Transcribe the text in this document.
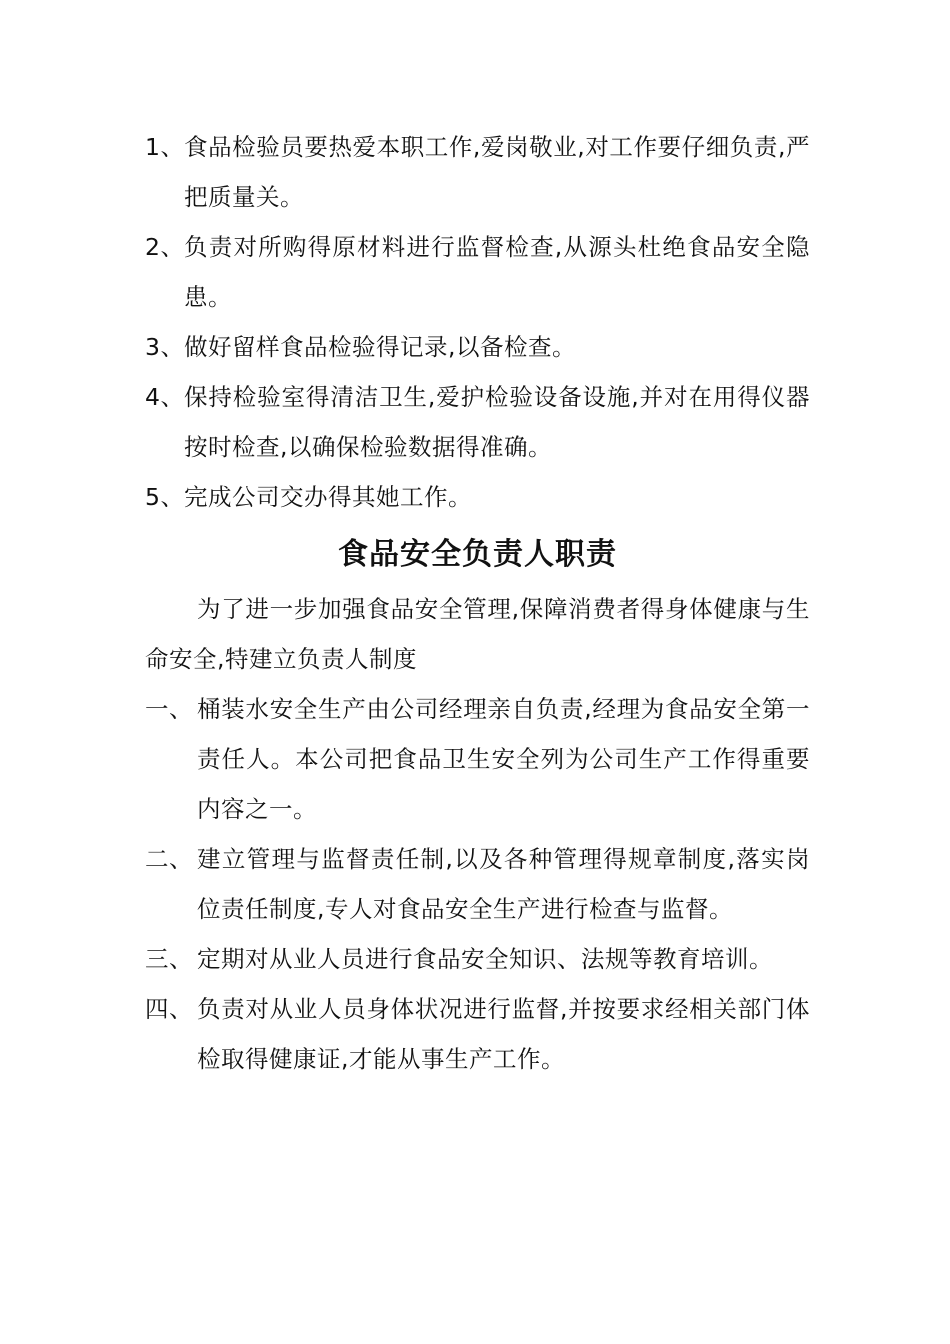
1、 食品检验员要热爱本职工作,爱岗敬业,对工作要仔细负责,严把质量关。
2、 负责对所购得原材料进行监督检查,从源头杜绝食品安全隐患。
3、 做好留样食品检验得记录,以备检查。
4、 保持检验室得清洁卫生,爱护检验设备设施,并对在用得仪器按时检查,以确保检验数据得准确。
5、 完成公司交办得其她工作。
食品安全负责人职责
为了进一步加强食品安全管理,保障消费者得身体健康与生命安全,特建立负责人制度
一、 桶装水安全生产由公司经理亲自负责,经理为食品安全第一责任人。本公司把食品卫生安全列为公司生产工作得重要内容之一。
二、 建立管理与监督责任制,以及各种管理得规章制度,落实岗位责任制度,专人对食品安全生产进行检查与监督。
三、 定期对从业人员进行食品安全知识、法规等教育培训。
四、 负责对从业人员身体状况进行监督,并按要求经相关部门体检取得健康证,才能从事生产工作。
